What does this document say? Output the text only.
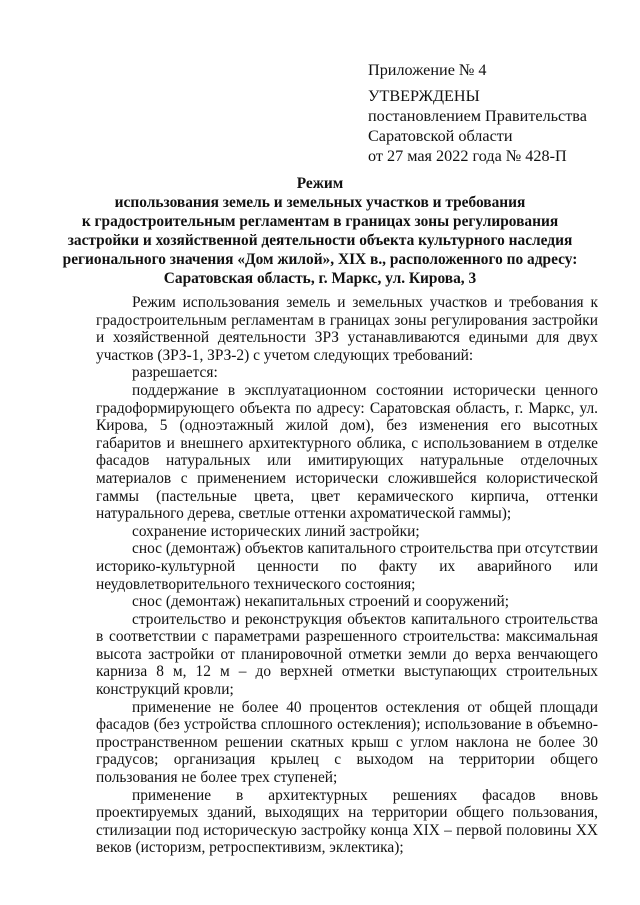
Приложение № 4
УТВЕРЖДЕНЫ
постановлением Правительства
Саратовской области
от 27 мая 2022 года № 428-П
Режим
использования земель и земельных участков и требования
к градостроительным регламентам в границах зоны регулирования
застройки и хозяйственной деятельности объекта культурного наследия
регионального значения «Дом жилой», XIX в., расположенного по адресу:
Саратовская область, г. Маркс, ул. Кирова, 3

Режим использования земель и земельных участков и требования к градостроительным регламентам в границах зоны регулирования застройки и хозяйственной деятельности ЗРЗ устанавливаются едиными для двух участков (ЗРЗ-1, ЗРЗ-2) с учетом следующих требований:

разрешается:

поддержание в эксплуатационном состоянии исторически ценного градоформирующего объекта по адресу: Саратовская область, г. Маркс, ул. Кирова, 5 (одноэтажный жилой дом), без изменения его высотных габаритов и внешнего архитектурного облика, с использованием в отделке фасадов натуральных или имитирующих натуральные отделочных материалов с применением исторически сложившейся колористической гаммы (пастельные цвета, цвет керамического кирпича, оттенки натурального дерева, светлые оттенки ахроматической гаммы);

сохранение исторических линий застройки;

снос (демонтаж) объектов капитального строительства при отсутствии историко-культурной ценности по факту их аварийного или неудовлетворительного технического состояния;

снос (демонтаж) некапитальных строений и сооружений;

строительство и реконструкция объектов капитального строительства в соответствии с параметрами разрешенного строительства: максимальная высота застройки от планировочной отметки земли до верха венчающего карниза 8 м, 12 м – до верхней отметки выступающих строительных конструкций кровли;

применение не более 40 процентов остекления от общей площади фасадов (без устройства сплошного остекления); использование в объемно-пространственном решении скатных крыш с углом наклона не более 30 градусов; организация крылец с выходом на территории общего пользования не более трех ступеней;

применение в архитектурных решениях фасадов вновь проектируемых зданий, выходящих на территории общего пользования, стилизации под историческую застройку конца XIX – первой половины XX веков (историзм, ретроспективизм, эклектика);
